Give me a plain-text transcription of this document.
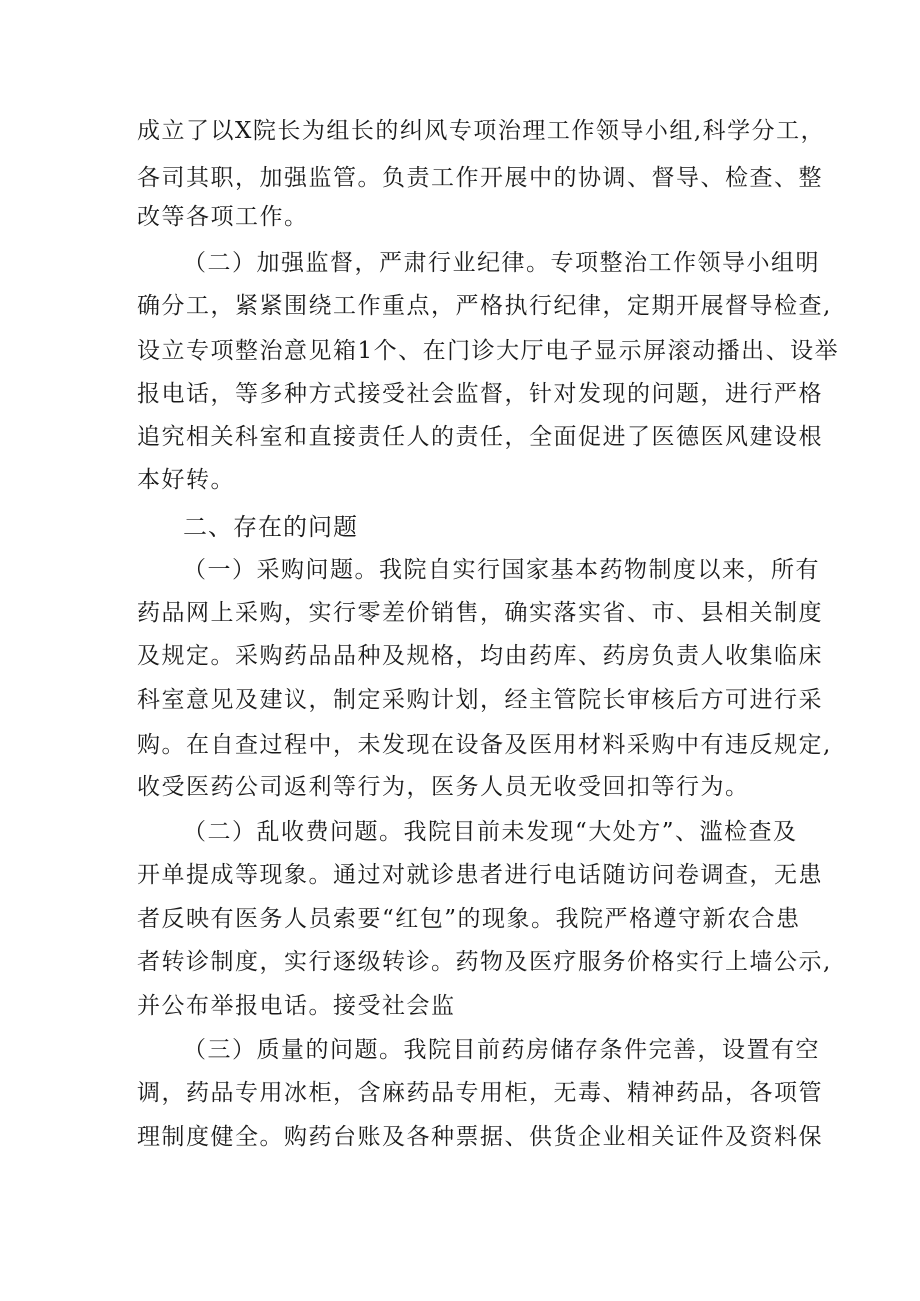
成立了以X院长为组长的纠风专项治理工作领导小组,科学分工，
各司其职，加强监管。负责工作开展中的协调、督导、检查、整
改等各项工作。
（二）加强监督，严肃行业纪律。专项整治工作领导小组明
确分工，紧紧围绕工作重点，严格执行纪律，定期开展督导检查,
设立专项整治意见箱1个、在门诊大厅电子显示屏滚动播出、设举
报电话，等多种方式接受社会监督，针对发现的问题，进行严格
追究相关科室和直接责任人的责任，全面促进了医德医风建设根
本好转。
二、存在的问题
（一）采购问题。我院自实行国家基本药物制度以来，所有
药品网上采购，实行零差价销售，确实落实省、市、县相关制度
及规定。采购药品品种及规格，均由药库、药房负责人收集临床
科室意见及建议，制定采购计划，经主管院长审核后方可进行采
购。在自查过程中，未发现在设备及医用材料采购中有违反规定,
收受医药公司返利等行为，医务人员无收受回扣等行为。
（二）乱收费问题。我院目前未发现“大处方”、滥检查及
开单提成等现象。通过对就诊患者进行电话随访问卷调查，无患
者反映有医务人员索要“红包”的现象。我院严格遵守新农合患
者转诊制度，实行逐级转诊。药物及医疗服务价格实行上墙公示,
并公布举报电话。接受社会监
（三）质量的问题。我院目前药房储存条件完善，设置有空
调，药品专用冰柜，含麻药品专用柜，无毒、精神药品，各项管
理制度健全。购药台账及各种票据、供货企业相关证件及资料保
